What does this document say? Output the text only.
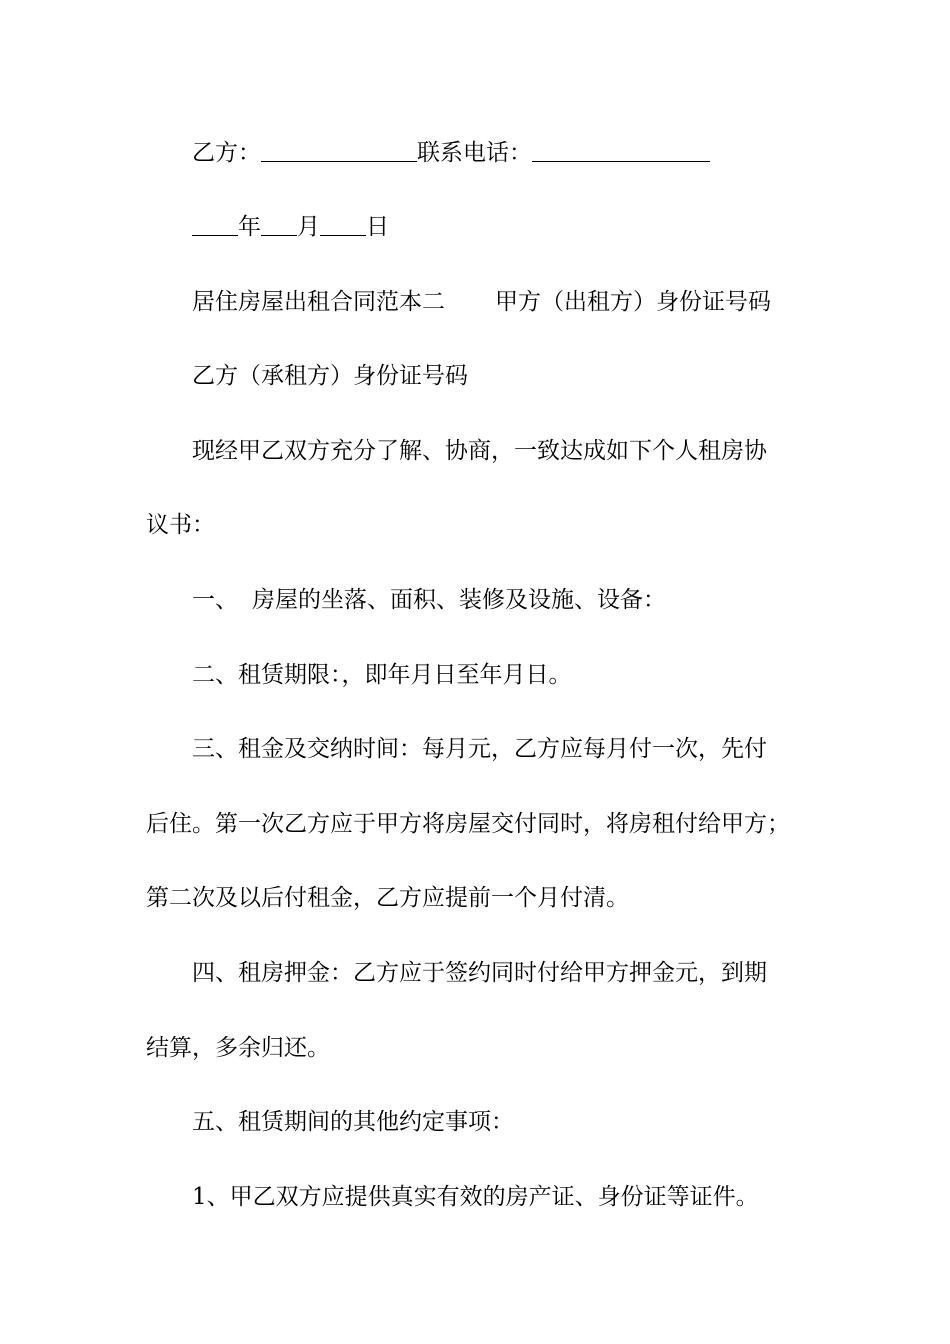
乙方：	联系电话：
年 月 日
居住房屋出租合同范本二 甲方（出租方）身份证号码
乙方（承租方）身份证号码
现经甲乙双方充分了解、协商，一致达成如下个人租房协
议书：
一、 房屋的坐落、面积、装修及设施、设备：
二、租赁期限：，即年月日至年月日。
三、租金及交纳时间：每月元，乙方应每月付一次，先付
后住。第一次乙方应于甲方将房屋交付同时，将房租付给甲方；
第二次及以后付租金，乙方应提前一个月付清。
四、租房押金：乙方应于签约同时付给甲方押金元，到期
结算，多余归还。
五、租赁期间的其他约定事项：
1、甲乙双方应提供真实有效的房产证、身份证等证件。
